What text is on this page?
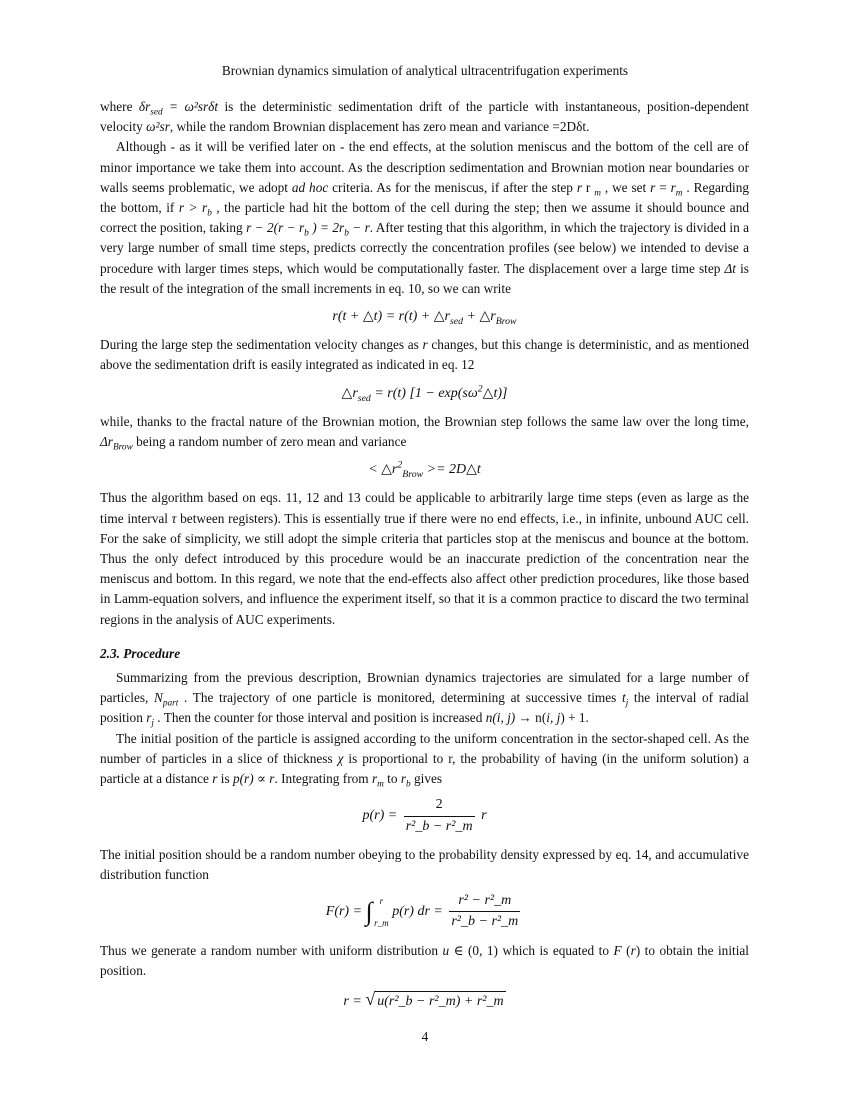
Brownian dynamics simulation of analytical ultracentrifugation experiments

where $\delta r_{sed} = \omega^2sr\delta t$ is the deterministic sedimentation drift of the particle with instantaneous, position-dependent velocity ω²sr, while the random Brownian displacement has zero mean and variance =2Dδt.

Although - as it will be verified later on - the end effects, at the solution meniscus and the bottom of the cell are of minor importance we take them into account. As the description sedimentation and Brownian motion near boundaries or walls seems problematic, we adopt ad hoc criteria. As for the meniscus, if after the step r r $_m$ , we set $r = r_m$ . Regarding the bottom, if $r > r_b$ , the particle had hit the bottom of the cell during the step; then we assume it should bounce and correct the position, taking $r - 2(r - r_b$ ) = $2r_b - r$. After testing that this algorithm, in which the trajectory is divided in a very large number of small time steps, predicts correctly the concentration profiles (see below) we intended to devise a procedure with larger times steps, which would be computationally faster. The displacement over a large time step Δt is the result of the integration of the small increments in eq. 10, so we can write

r(t + △t) = $r(t) + \triangle r_{sed}$ + $\triangle r_{Brow}$

During the large step the sedimentation velocity changes as r changes, but this change is deterministic, and as mentioned above the sedimentation drift is easily integrated as indicated in eq. 12

$\triangle r_{sed} = r(t) [1$ − $\exp(s\omega^2\triangle t)$]

while, thanks to the fractal nature of the Brownian motion, the Brownian step follows the same law over the long time, $\Delta r_{Brow}$ being a random number of zero mean and variance

< $\triangle r^2_{Brow}$ >= 2D△t

Thus the algorithm based on eqs. 11, 12 and 13 could be applicable to arbitrarily large time steps (even as large as the time interval τ between registers). This is essentially true if there were no end effects, i.e., in infinite, unbound AUC cell. For the sake of simplicity, we still adopt the simple criteria that particles stop at the meniscus and bounce at the bottom. Thus the only defect introduced by this procedure would be an inaccurate prediction of the concentration near the meniscus and bottom. In this regard, we note that the end-effects also affect other prediction procedures, like those based in Lamm-equation solvers, and influence the experiment itself, so that it is a common practice to discard the two terminal regions in the analysis of AUC experiments.

2.3. Procedure

Summarizing from the previous description, Brownian dynamics trajectories are simulated for a large number of particles, $N_{part}$ . The trajectory of one particle is monitored, determining at successive times $t_j$ the interval of radial position $r_j$ . Then the counter for those interval and position is increased n(i, j) → n(i, j) + 1.

The initial position of the particle is assigned according to the uniform concentration in the sector-shaped cell. As the number of particles in a slice of thickness χ is proportional to r, the probability of having (in the uniform solution) a particle at a distance r is p(r) ∝ r. Integrating from $r_m$ to $r_b$ gives

$p(r) = \frac{2}{\text{r²\_b − r²\_m}}$ r

The initial position should be a random number obeying to the probability density expressed by eq. 14, and accumulative distribution function

F(r) = ∫ r
r_m
p(r) dr = $\frac{\text{r² − r²\_m}}{\text{r²\_b − r²\_m}}$

Thus we generate a random number with uniform distribution u ∈ (0, 1) which is equated to F (r) to obtain the initial position.

r = √ u(r²_b − r²_m) + r²_m
4
